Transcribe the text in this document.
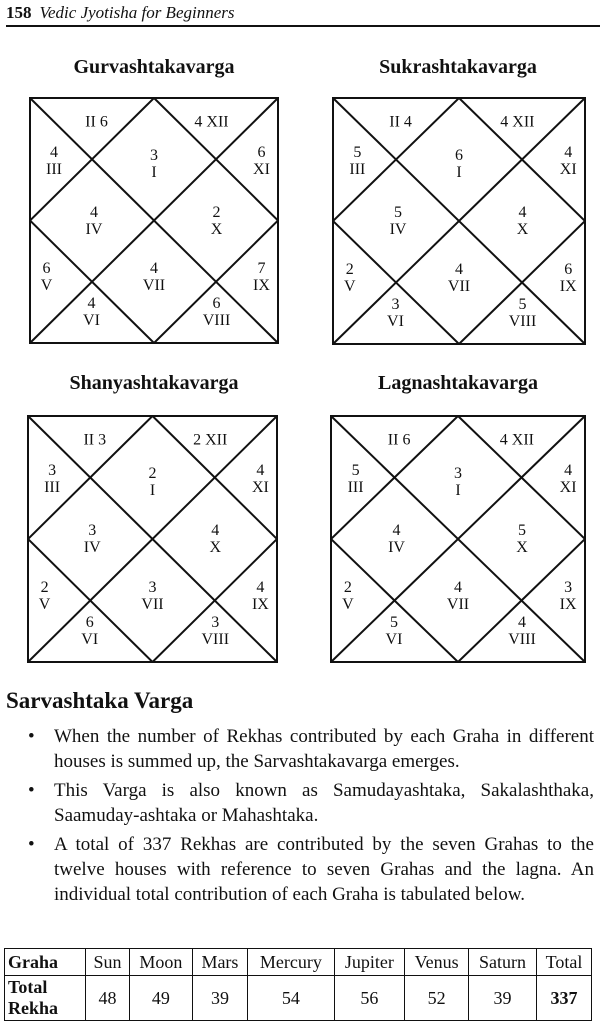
158 Vedic Jyotisha for Beginners
Gurvashtakavarga	Sukrashtakavarga
Shanyashtakavarga	Lagnashtakavarga
3
I
II 6
4
III
4
IV
6
V
4
VI
4
VII
6
VIII
7
IX
2
X
6
XI
4 XII
6
I
II 4
5
III
5
IV
2
V
3
VI
4
VII
5
VIII
6
IX
4
X
4
XI
4 XII
2
I
II 3
3
III
3
IV
2
V
6
VI
3
VII
3
VIII
4
IX
4
X
4
XI
2 XII
3
I
II 6
5
III
4
IV
2
V
5
VI
4
VII
4
VIII
3
IX
5
X
4
XI
4 XII
Sarvashtaka Varga
• When the number of Rekhas contributed by each Graha in different houses is summed up, the Sarvashtakavarga emerges.
• This Varga is also known as Samudayashtaka, Sakalashthaka, Saamuday-ashtaka or Mahashtaka.
• A total of 337 Rekhas are contributed by the seven Grahas to the twelve houses with reference to seven Grahas and the lagna. An individual total contribution of each Graha is tabulated below.
Graha	Sun	Moon	Mars	Mercury	Jupiter	Venus	Saturn	Total
Total
Rekha	48	49	39	54	56	52	39	337
